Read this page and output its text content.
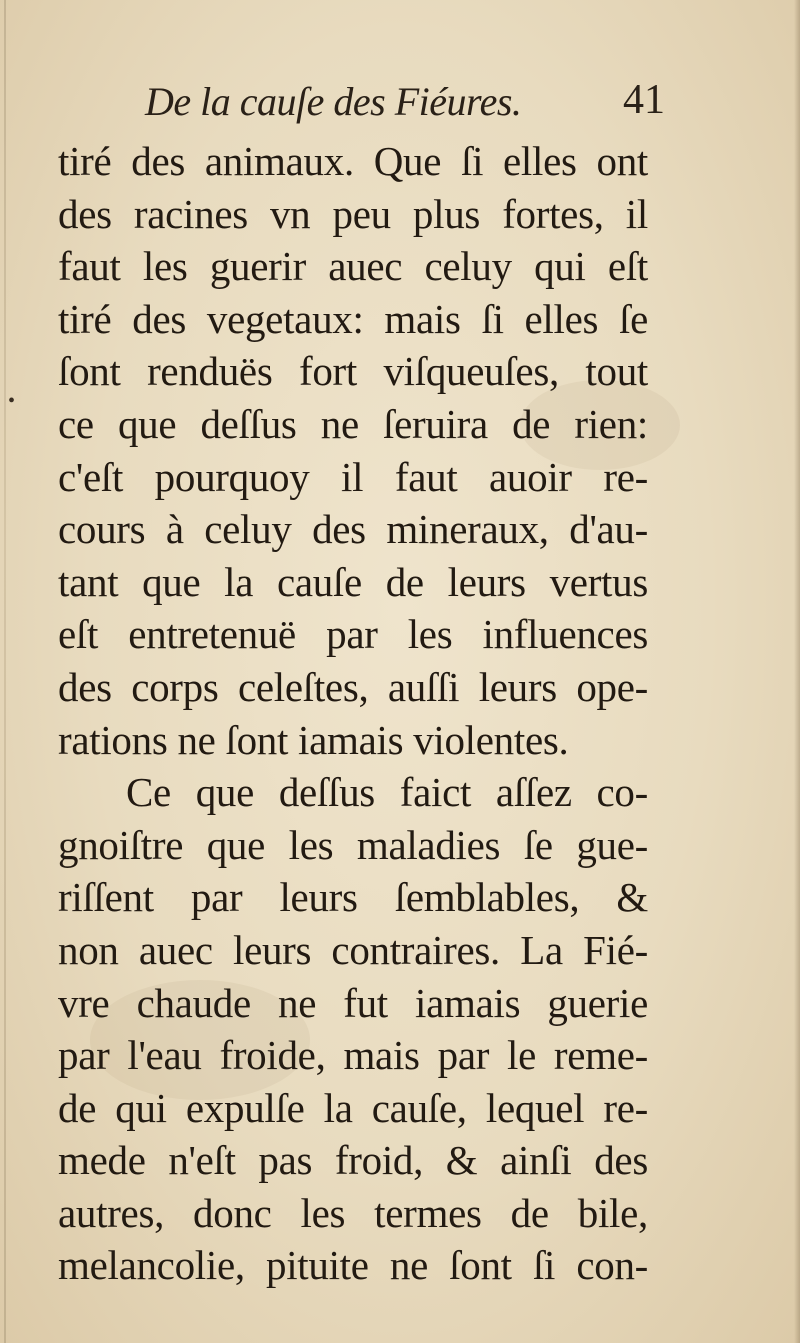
•
De la cauſe des Fiéures. 41
tiré des animaux. Que ſi elles ont
des racines vn peu plus fortes, il
faut les guerir auec celuy qui eſt
tiré des vegetaux: mais ſi elles ſe
ſont renduës fort viſqueuſes, tout
ce que deſſus ne ſeruira de rien:
c'eſt pourquoy il faut auoir re-
cours à celuy des mineraux, d'au-
tant que la cauſe de leurs vertus
eſt entretenuë par les influences
des corps celeſtes, auſſi leurs ope-
rations ne ſont iamais violentes.
Ce que deſſus faict aſſez co-
gnoiſtre que les maladies ſe gue-
riſſent par leurs ſemblables, &
non auec leurs contraires. La Fié-
vre chaude ne fut iamais guerie
par l'eau froide, mais par le reme-
de qui expulſe la cauſe, lequel re-
mede n'eſt pas froid, & ainſi des
autres, donc les termes de bile,
melancolie, pituite ne ſont ſi con-
